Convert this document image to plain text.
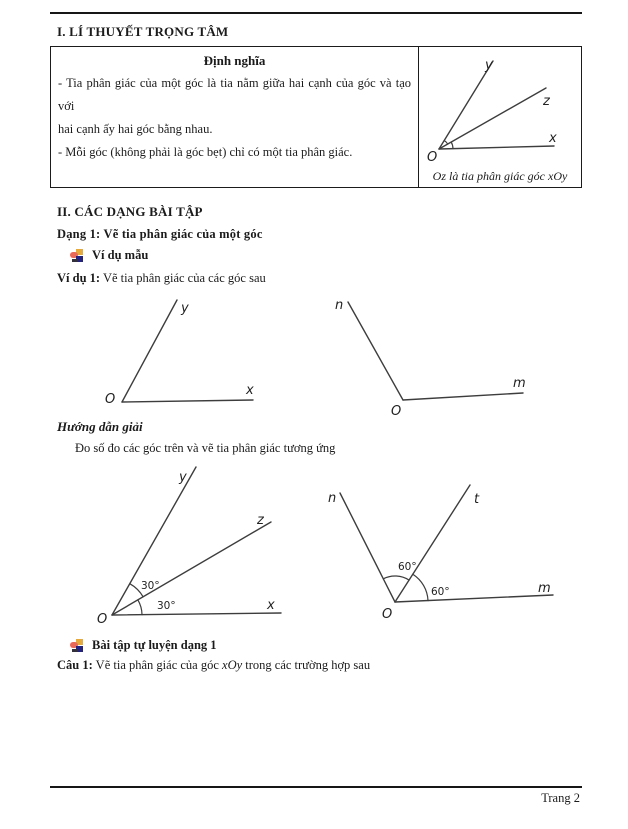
I. LÍ THUYẾT TRỌNG TÂM
Định nghĩa
- Tia phân giác của một góc là tia nằm giữa hai cạnh của góc và tạo với
hai cạnh ấy hai góc bằng nhau.
- Mỗi góc (không phải là góc bẹt) chỉ có một tia phân giác.	O
x
y
z
Oz là tia phân giác góc xOy
II. CÁC DẠNG BÀI TẬP
Dạng 1: Vẽ tia phân giác của một góc
Ví dụ mẫu
Ví dụ 1: Vẽ tia phân giác của các góc sau
O
x
y
O
m
n
Hướng dẫn giải
Đo số đo các góc trên và vẽ tia phân giác tương ứng
O
x
y
z
30°
30°
O
m
n	t
60°
60°
Bài tập tự luyện dạng 1
Câu 1: Vẽ tia phân giác của góc xOy trong các trường hợp sau
Trang 2
